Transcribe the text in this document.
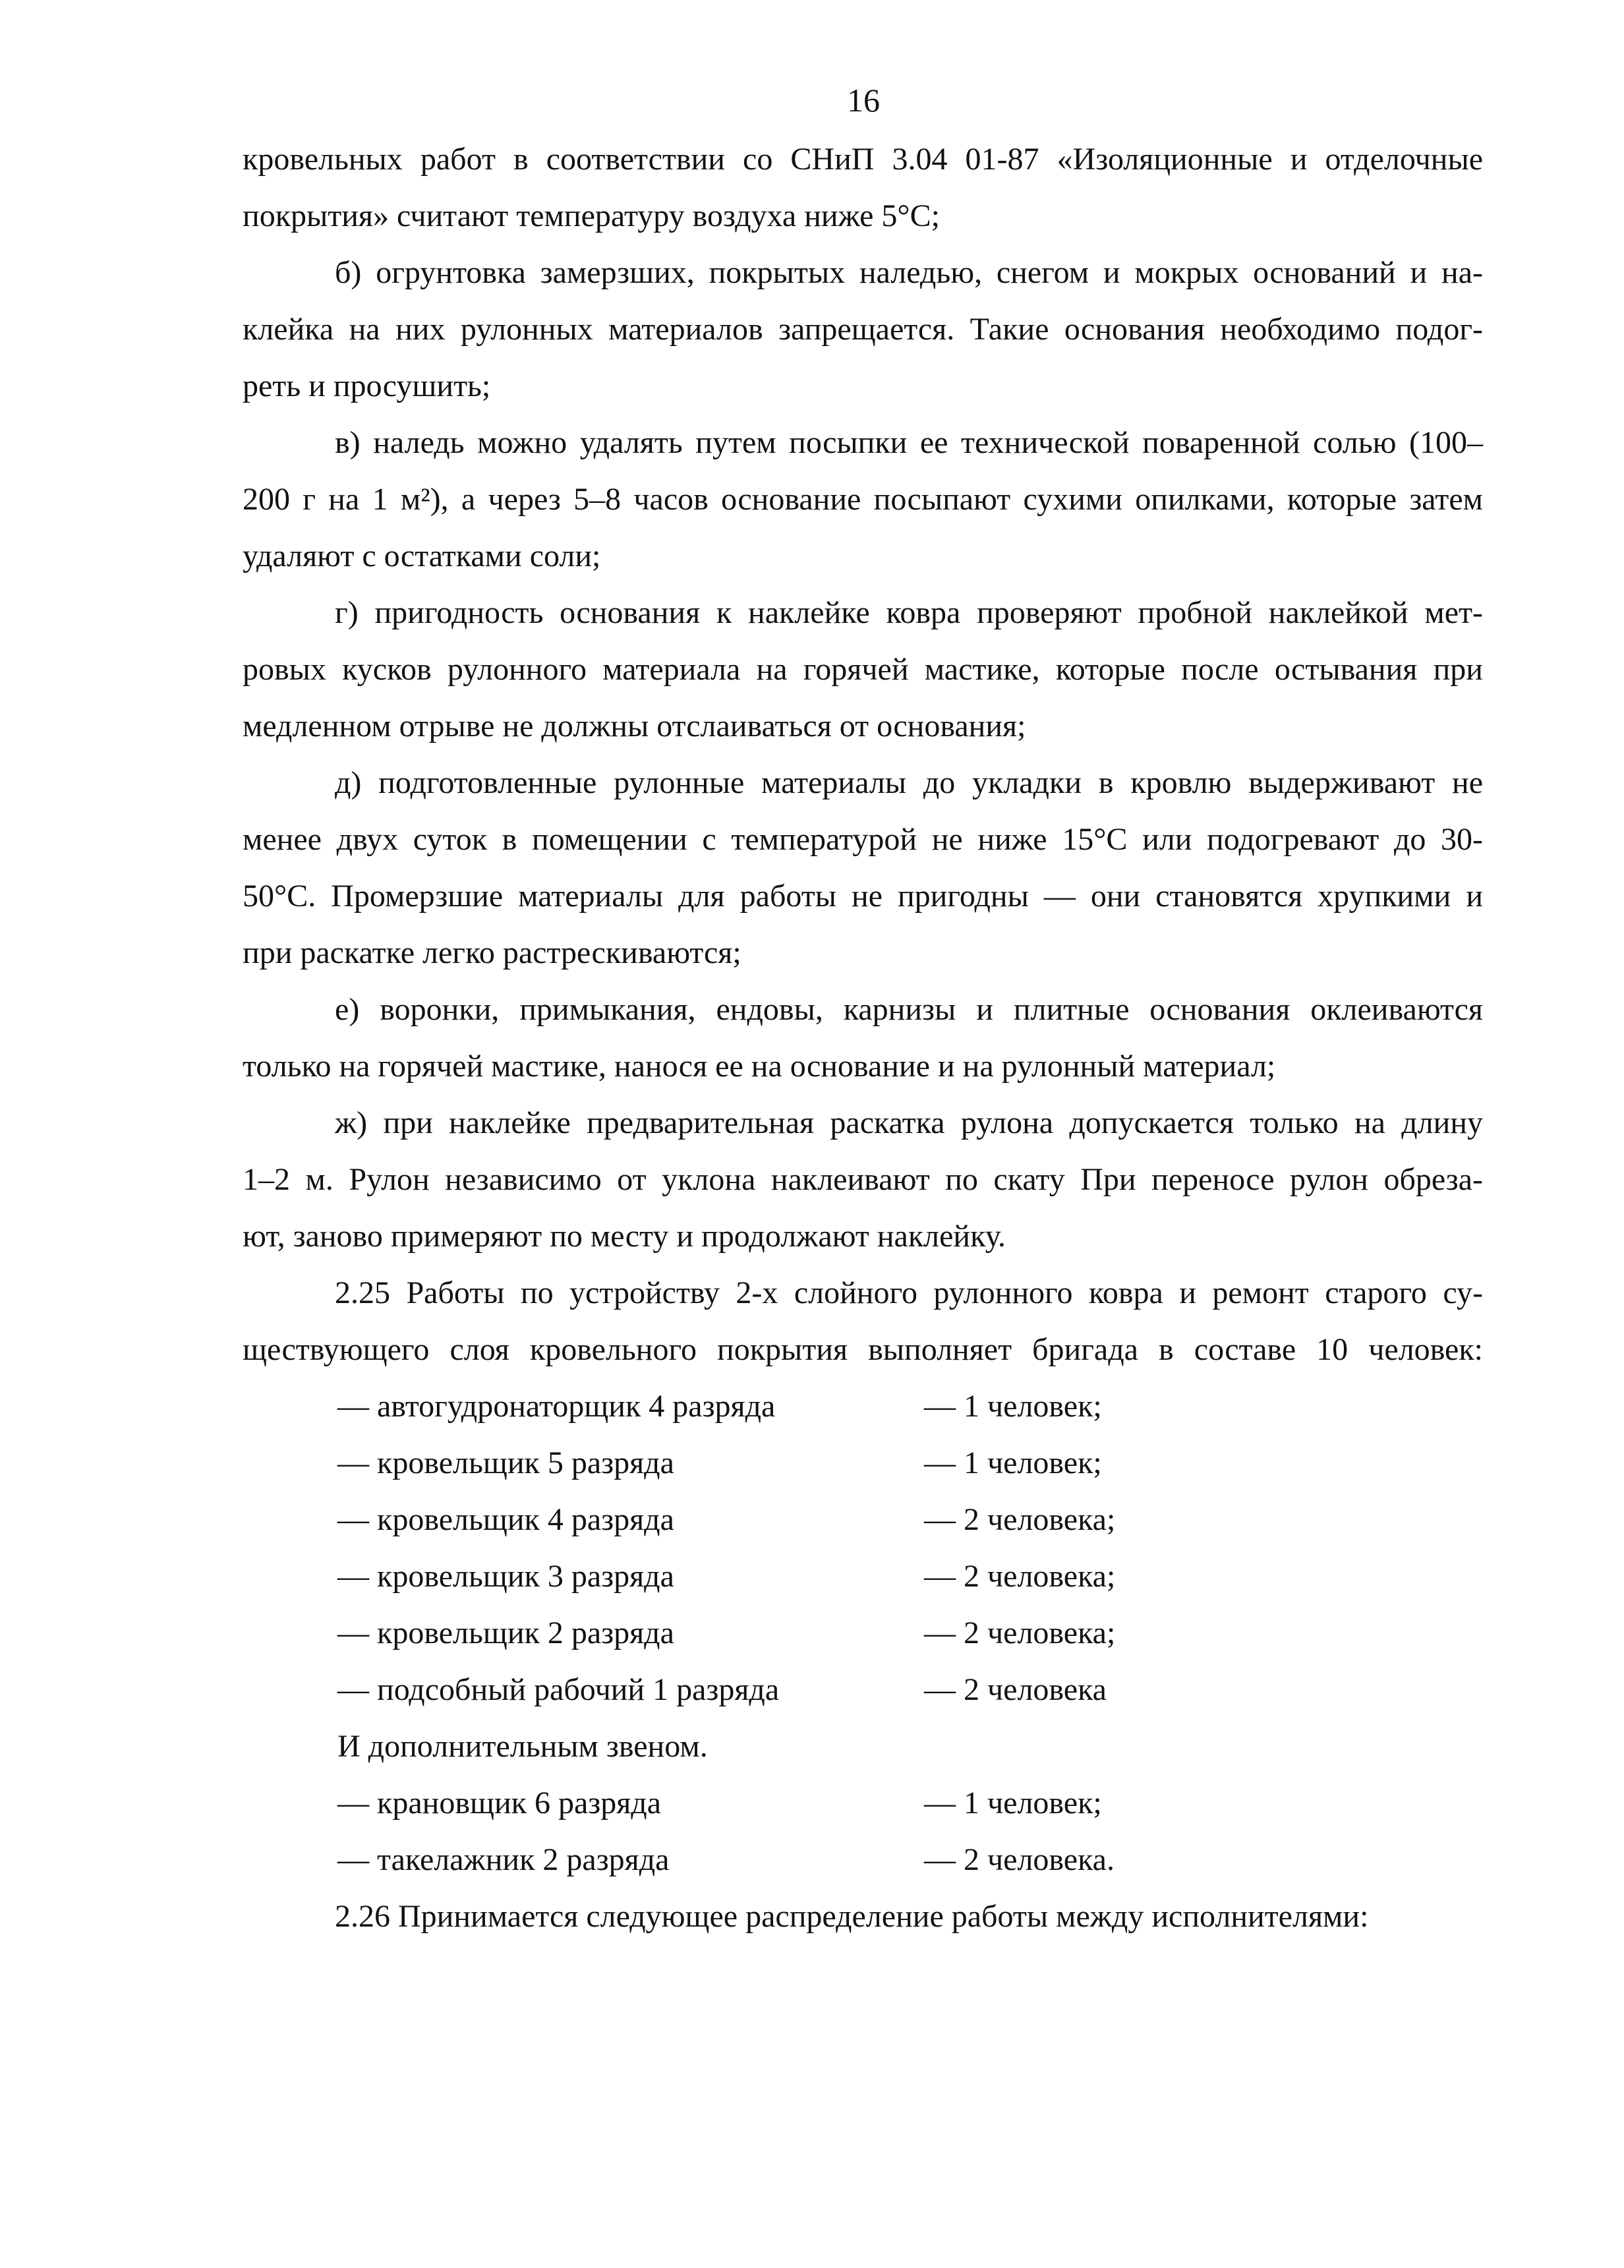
16
кровельных работ в соответствии со СНиП 3.04 01-87 «Изоляционные и отделочные
покрытия» считают температуру воздуха ниже 5°С;
б) огрунтовка замерзших, покрытых наледью, снегом и мокрых оснований и на-
клейка на них рулонных материалов запрещается. Такие основания необходимо подог-
реть и просушить;
в) наледь можно удалять путем посыпки ее технической поваренной солью (100–
200 г на 1 м²), а через 5–8 часов основание посыпают сухими опилками, которые затем
удаляют с остатками соли;
г) пригодность основания к наклейке ковра проверяют пробной наклейкой мет-
ровых кусков рулонного материала на горячей мастике, которые после остывания при
медленном отрыве не должны отслаиваться от основания;
д) подготовленные рулонные материалы до укладки в кровлю выдерживают не
менее двух суток в помещении с температурой не ниже 15°С или подогревают до 30-
50°С. Промерзшие материалы для работы не пригодны — они становятся хрупкими и
при раскатке легко растрескиваются;
е) воронки, примыкания, ендовы, карнизы и плитные основания оклеиваются
только на горячей мастике, нанося ее на основание и на рулонный материал;
ж) при наклейке предварительная раскатка рулона допускается только на длину
1–2 м. Рулон независимо от уклона наклеивают по скату При переносе рулон обреза-
ют, заново примеряют по месту и продолжают наклейку.
2.25 Работы по устройству 2-х слойного рулонного ковра и ремонт старого су-
ществующего слоя кровельного покрытия выполняет бригада в составе 10 человек:
— автогудронаторщик 4 разряда	— 1 человек;
— кровельщик 5 разряда	— 1 человек;
— кровельщик 4 разряда	— 2 человека;
— кровельщик 3 разряда	— 2 человека;
— кровельщик 2 разряда	— 2 человека;
— подсобный рабочий 1 разряда	— 2 человека
И дополнительным звеном.
— крановщик 6 разряда	— 1 человек;
— такелажник 2 разряда	— 2 человека.
2.26 Принимается следующее распределение работы между исполнителями:
